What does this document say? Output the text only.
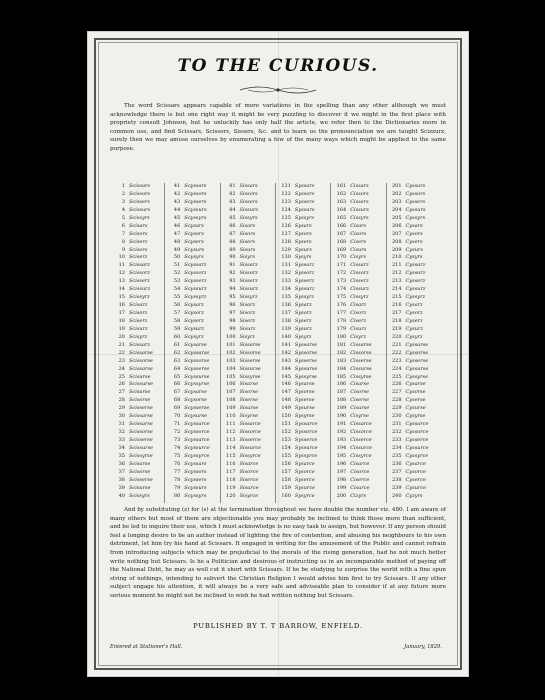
TO THE CURIOUS.
The word Scissars appears capable of more variations in the spelling than any other although we must acknowledge there is but one right way it might be very puzzling to discover it we might in the first place with propriety consult Johnson, but he unluckily has only half the article, we refer then to the Dictionaries more in common use, and find Scissars, Scissors, Sissers, &c. and to learn us the pronounciation we are taught Scizzurz, surely then we may amuse ourselves by enumerating a few of the many ways which might be applied to the same purpose.
1 Scissars
2 Scissors
3 Scissers
4 Scissurs
5 Scissyrs
6 Scisars
7 Scisors
8 Sciserz
9 Scisors
10 Sciserz
11 Scissarz
12 Scissorz
13 Scisserz
14 Scissurz
15 Scissyrz
16 Scisarz
17 Scisorz
18 Sciserz
19 Scisurz
20 Scisyrz
21 Scissarz
22 Scissarse
23 Scissorse
24 Scissarse
25 Scisurse
26 Scissurse
27 Scisarse
28 Scisorse
29 Scisserse
30 Scissarse
31 Scissarse
32 Scissorse
33 Scisserse
34 Scissurse
35 Scissyrse
36 Scisarse
37 Scisorse
38 Scisserse
39 Scisurse
40 Scissyrs
41 Scyssars
42 Scyssors
43 Scyssers
44 Scyssurs
45 Scyssyrs
46 Scysars
47 Scysors
48 Scysers
49 Scysurs
50 Scysyrs
51 Scyssarz
52 Scyssorz
53 Scysserz
54 Scyssurz
55 Scyssyrz
56 Scysarz
57 Scysorz
58 Scyserz
59 Scysurz
60 Scysyrz
61 Scysarse
62 Scyssarse
63 Scyssorse
64 Scysserse
65 Scyssurse
66 Scyssyrse
67 Scysarse
68 Scysorse
69 Scysserse
70 Scysurse
71 Scyssarce
72 Scyssorce
73 Scyssarce
74 Scyssurce
75 Scyssyrce
76 Scyssars
77 Scyssors
78 Scyssers
79 Scyssurs
80 Scyssyrs
81 Sissars
82 Sissors
83 Sissers
84 Sissurs
85 Sissyrs
86 Sisars
87 Sisors
88 Sisers
89 Sisurs
90 Sisyrs
91 Sissarz
92 Sissorz
93 Sisserz
94 Sissurz
95 Sissyrz
96 Sisarz
97 Sisorz
98 Siserz
99 Sisurz
100 Sisyrz
101 Sissarse
102 Sissorse
103 Sisserse
104 Sissurse
105 Sissyrse
106 Sisarse
107 Sisorse
108 Siserse
109 Sisurse
110 Sisyrse
111 Sissarce
112 Sissorce
113 Sisserce
114 Sissurce
115 Sissyrce
116 Sisarce
117 Sisorce
118 Siserce
119 Sisurce
120 Sisyrce
121 Syssars
122 Syssors
123 Syssers
124 Syssurs
125 Syssyrs
126 Sysars
127 Sysors
128 Sysers
129 Sysurs
130 Sysyrs
131 Syssarz
132 Syssorz
133 Sysserz
134 Syssurz
135 Syssyrz
136 Sysarz
137 Sysorz
138 Syserz
139 Sysurz
140 Sysyrz
141 Syssarse
142 Syssorse
143 Sysserse
144 Syssurse
145 Syssyrse
146 Sysarse
147 Sysorse
148 Syserse
149 Sysurse
150 Sysyrse
151 Syssarce
152 Syssorce
153 Sysserce
154 Syssurce
155 Syssyrce
156 Sysarce
157 Sysorce
158 Syserce
159 Sysurce
160 Sysyrce
161 Cissars
162 Cissors
163 Cissers
164 Cissurs
165 Cissyrs
166 Cisars
167 Cisors
168 Cisers
169 Cisurs
170 Cisyrs
171 Cissarz
172 Cissorz
173 Cisserz
174 Cissurz
175 Cissyrz
176 Cisarz
177 Cisorz
178 Ciserz
179 Cisurz
180 Cisyrz
181 Cissarse
182 Cissorse
183 Cisserse
184 Cissurse
185 Cissyrse
186 Cisarse
187 Cisorse
188 Ciserse
189 Cisurse
190 Cisyrse
191 Cissarce
192 Cissorce
193 Cisserce
194 Cissurce
195 Cissyrce
196 Cisarce
197 Cisorce
198 Ciserce
199 Cisurce
200 Cizyrs
201 Cyssars
202 Cyssors
203 Cyssers
204 Cyssurs
205 Cyssyrs
206 Cysars
207 Cysors
208 Cysers
209 Cysurs
210 Cysyrs
211 Cyssarz
212 Cyssorz
213 Cysserz
214 Cyssurz
215 Cyssyrz
216 Cysarz
217 Cysorz
218 Cyserz
219 Cysurz
220 Cysyrz
221 Cyssarse
222 Cyssorse
223 Cysserse
224 Cyssurse
225 Cyssyrse
226 Cysarse
227 Cysorse
228 Cyserse
229 Cysurse
230 Cysyrse
231 Cyssarce
232 Cyssorce
233 Cysserce
234 Cyssurce
235 Cyssyrce
236 Cysarce
237 Cysorce
238 Cyserce
239 Cysurce
240 Cyzyrs
And by substituting (z) for (s) at the termination throughout we have double the number viz. 480. I am aware of many others but most of them are objectionable you may probably be inclined to think those more than sufficient, and be led to inquire their use, which I must acknowledge is no easy task to assign, but however. If any person should feel a longing desire to be an author instead of lighting the fire of contention, and abusing his neighbours to his own detriment, let him try his hand at Scissars. It engaged in writing for the amusement of the Public and cannot refrain from introducing subjects which may be prejudicial to the morals of the rising generation, had he not much better write nothing but Scissars. Is he a Politician and desirous of instructing us in an incomparable method of paying off the National Debt, he may as well cut it short with Scissars. If he be studying to surprise the world with a fine spun string of nothings, intending to subvert the Christian Religion I would advise him first to try Scissars. If any other subject engage his attention, it will always be a very safe and adviseable plan to consider if at any future more serious moment he might not be inclined to wish he had written nothing but Scissars.
PUBLISHED BY T. T BARROW, ENFIELD.
Entered at Stationer's Hall.	January, 1829.
